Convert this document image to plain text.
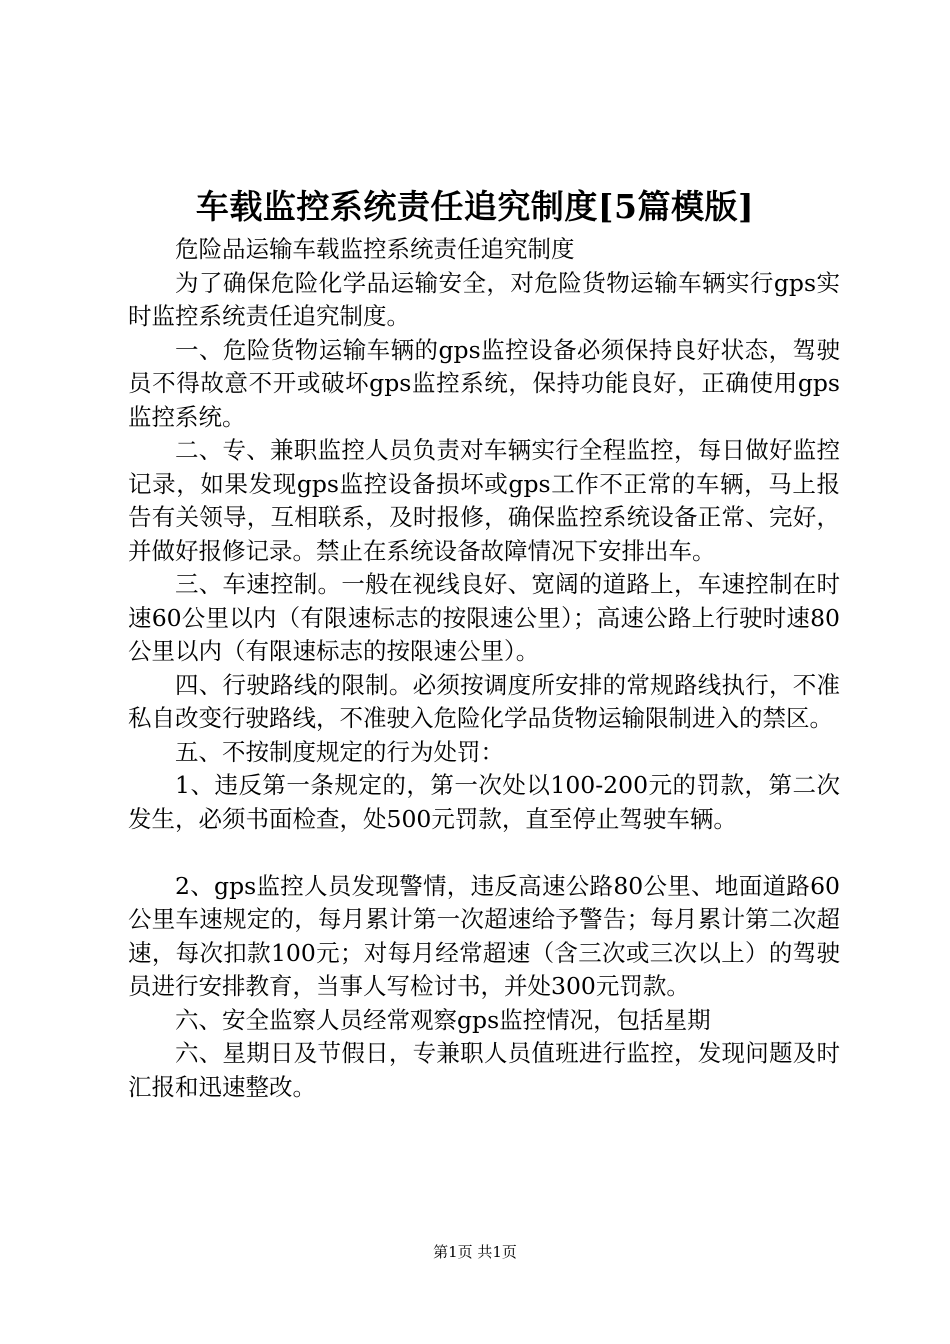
车载监控系统责任追究制度[5篇模版]

危险品运输车载监控系统责任追究制度

为了确保危险化学品运输安全，对危险货物运输车辆实行gps实时监控系统责任追究制度。

一、危险货物运输车辆的gps监控设备必须保持良好状态，驾驶员不得故意不开或破坏gps监控系统，保持功能良好，正确使用gps监控系统。

二、专、兼职监控人员负责对车辆实行全程监控，每日做好监控记录，如果发现gps监控设备损坏或gps工作不正常的车辆，马上报告有关领导，互相联系，及时报修，确保监控系统设备正常、完好，并做好报修记录。禁止在系统设备故障情况下安排出车。

三、车速控制。一般在视线良好、宽阔的道路上，车速控制在时速60公里以内（有限速标志的按限速公里）；高速公路上行驶时速80公里以内（有限速标志的按限速公里）。

四、行驶路线的限制。必须按调度所安排的常规路线执行，不准私自改变行驶路线，不准驶入危险化学品货物运输限制进入的禁区。

五、不按制度规定的行为处罚：

1、违反第一条规定的，第一次处以100-200元的罚款，第二次发生，必须书面检查，处500元罚款，直至停止驾驶车辆。

2、gps监控人员发现警情，违反高速公路80公里、地面道路60公里车速规定的，每月累计第一次超速给予警告；每月累计第二次超速，每次扣款100元；对每月经常超速（含三次或三次以上）的驾驶员进行安排教育，当事人写检讨书，并处300元罚款。

六、安全监察人员经常观察gps监控情况，包括星期

六、星期日及节假日，专兼职人员值班进行监控，发现问题及时汇报和迅速整改。

第1页 共1页
